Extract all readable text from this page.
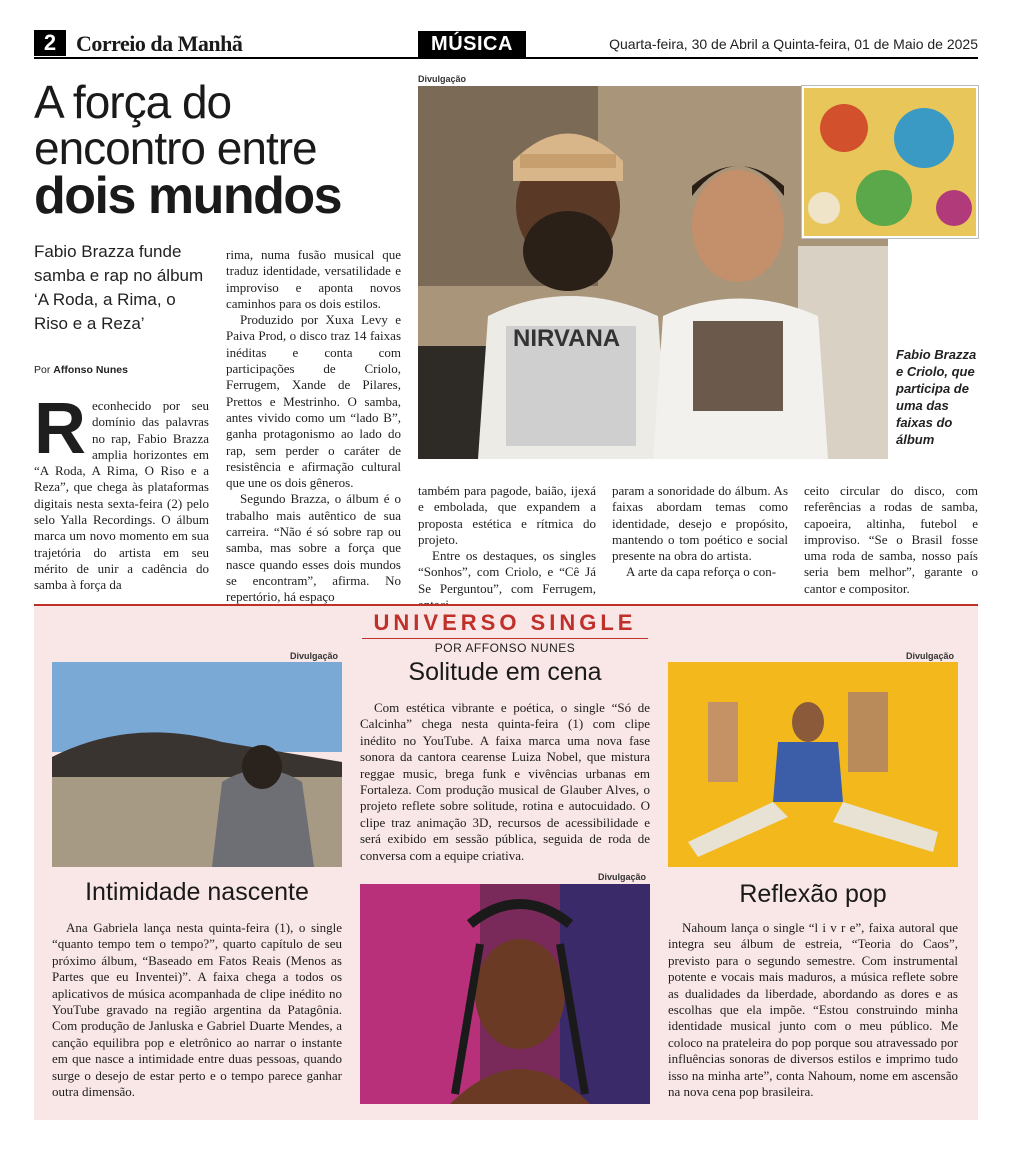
2 Correio da Manhã	MÚSICA	Quarta-feira, 30 de Abril a Quinta-feira, 01 de Maio de 2025
A força do
encontro entre
dois mundos
Fabio Brazza funde samba e rap no álbum ‘A Roda, a Rima, o Riso e a Reza’
Por Affonso Nunes
Divulgação
NIRVANA
Fabio Brazza e Criolo, que participa de uma das faixas do álbum
R econhecido por seu domínio das palavras no rap, Fabio Brazza amplia horizontes em “A Roda, A Rima, O Riso e a Reza”, que chega às plataformas digitais nesta sexta-feira (2) pelo selo Yalla Recordings. O álbum marca um novo momento em sua trajetória do artista em seu mérito de unir a cadência do samba à força da

rima, numa fusão musical que traduz identidade, versatilidade e improviso e aponta novos caminhos para os dois estilos.

Produzido por Xuxa Levy e Paiva Prod, o disco traz 14 faixas inéditas e conta com participações de Criolo, Ferrugem, Xande de Pilares, Prettos e Mestrinho. O samba, antes vivido como um “lado B”, ganha protagonismo ao lado do rap, sem perder o caráter de resistência e afirmação cultural que une os dois gêneros.

Segundo Brazza, o álbum é o trabalho mais autêntico de sua carreira. “Não é só sobre rap ou samba, mas sobre a força que nasce quando esses dois mundos se encontram”, afirma. No repertório, há espaço

também para pagode, baião, ijexá e embolada, que expandem a proposta estética e rítmica do projeto.

Entre os destaques, os singles “Sonhos”, com Criolo, e “Cê Já Se Perguntou”, com Ferrugem,

param a sonoridade do álbum. As faixas abordam temas como identidade, desejo e propósito, mantendo o tom poético e social presente na obra do artista.

A arte da capa reforça o con-

ceito circular do disco, com referências a rodas de samba, capoeira, altinha, futebol e improviso. “Se o Brasil fosse uma roda de samba, nosso país seria bem melhor”, garante o cantor e compositor.

UNIVERSO SINGLE
POR AFFONSO NUNES
Divulgação
Intimidade nascente

Ana Gabriela lança nesta quinta-feira (1), o single “quanto tempo tem o tempo?”, quarto capítulo de seu próximo álbum, “Baseado em Fatos Reais (Menos as Partes que eu Inventei)”. A faixa chega a todos os aplicativos de música acompanhada de clipe inédito no YouTube gravado na região argentina da Patagônia. Com produção de Janluska e Gabriel Duarte Mendes, a canção equilibra pop e eletrônico ao narrar o instante em que nasce a intimidade entre duas pessoas, quando surge o desejo de estar perto e o tempo parece ganhar outra dimensão.

Solitude em cena

Com estética vibrante e poética, o single “Só de Calcinha” chega nesta quinta-feira (1) com clipe inédito no YouTube. A faixa marca uma nova fase sonora da cantora cearense Luiza Nobel, que mistura reggae music, brega funk e vivências urbanas em Fortaleza. Com produção musical de Glauber Alves, o projeto reflete sobre solitude, rotina e autocuidado. O clipe traz animação 3D, recursos de acessibilidade e será exibido em sessão pública, seguida de roda de conversa com a equipe criativa.

Divulgação
Divulgação
Reflexão pop

Nahoum lança o single “l i v r e”, faixa autoral que integra seu álbum de estreia, “Teoria do Caos”, previsto para o segundo semestre. Com instrumental potente e vocais mais maduros, a música reflete sobre as dualidades da liberdade, abordando as dores e as escolhas que ela impõe. “Estou construindo minha identidade musical junto com o meu público. Me coloco na prateleira do pop porque sou atravessado por influências sonoras de diversos estilos e imprimo tudo isso na minha arte”, conta Nahoum, nome em ascensão na nova cena pop brasileira.
